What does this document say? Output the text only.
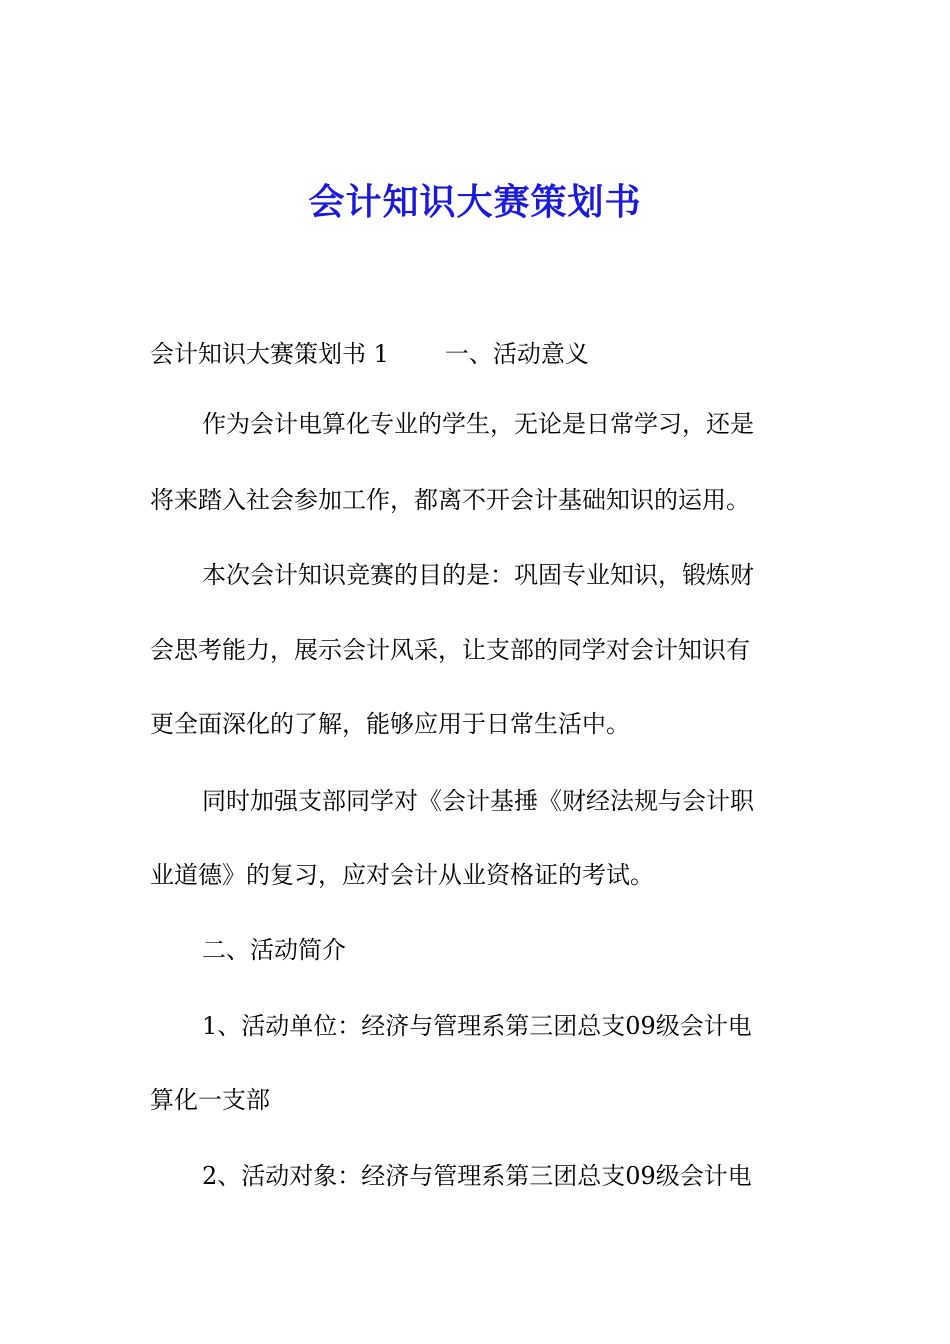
会计知识大赛策划书
会计知识大赛策划书 1 一、活动意义
作为会计电算化专业的学生，无论是日常学习，还是
将来踏入社会参加工作，都离不开会计基础知识的运用。
本次会计知识竞赛的目的是：巩固专业知识，锻炼财
会思考能力，展示会计风采，让支部的同学对会计知识有
更全面深化的了解，能够应用于日常生活中。
同时加强支部同学对《会计基捶《财经法规与会计职
业道德》的复习，应对会计从业资格证的考试。
二、活动简介
1、活动单位：经济与管理系第三团总支09级会计电
算化一支部
2、活动对象：经济与管理系第三团总支09级会计电
